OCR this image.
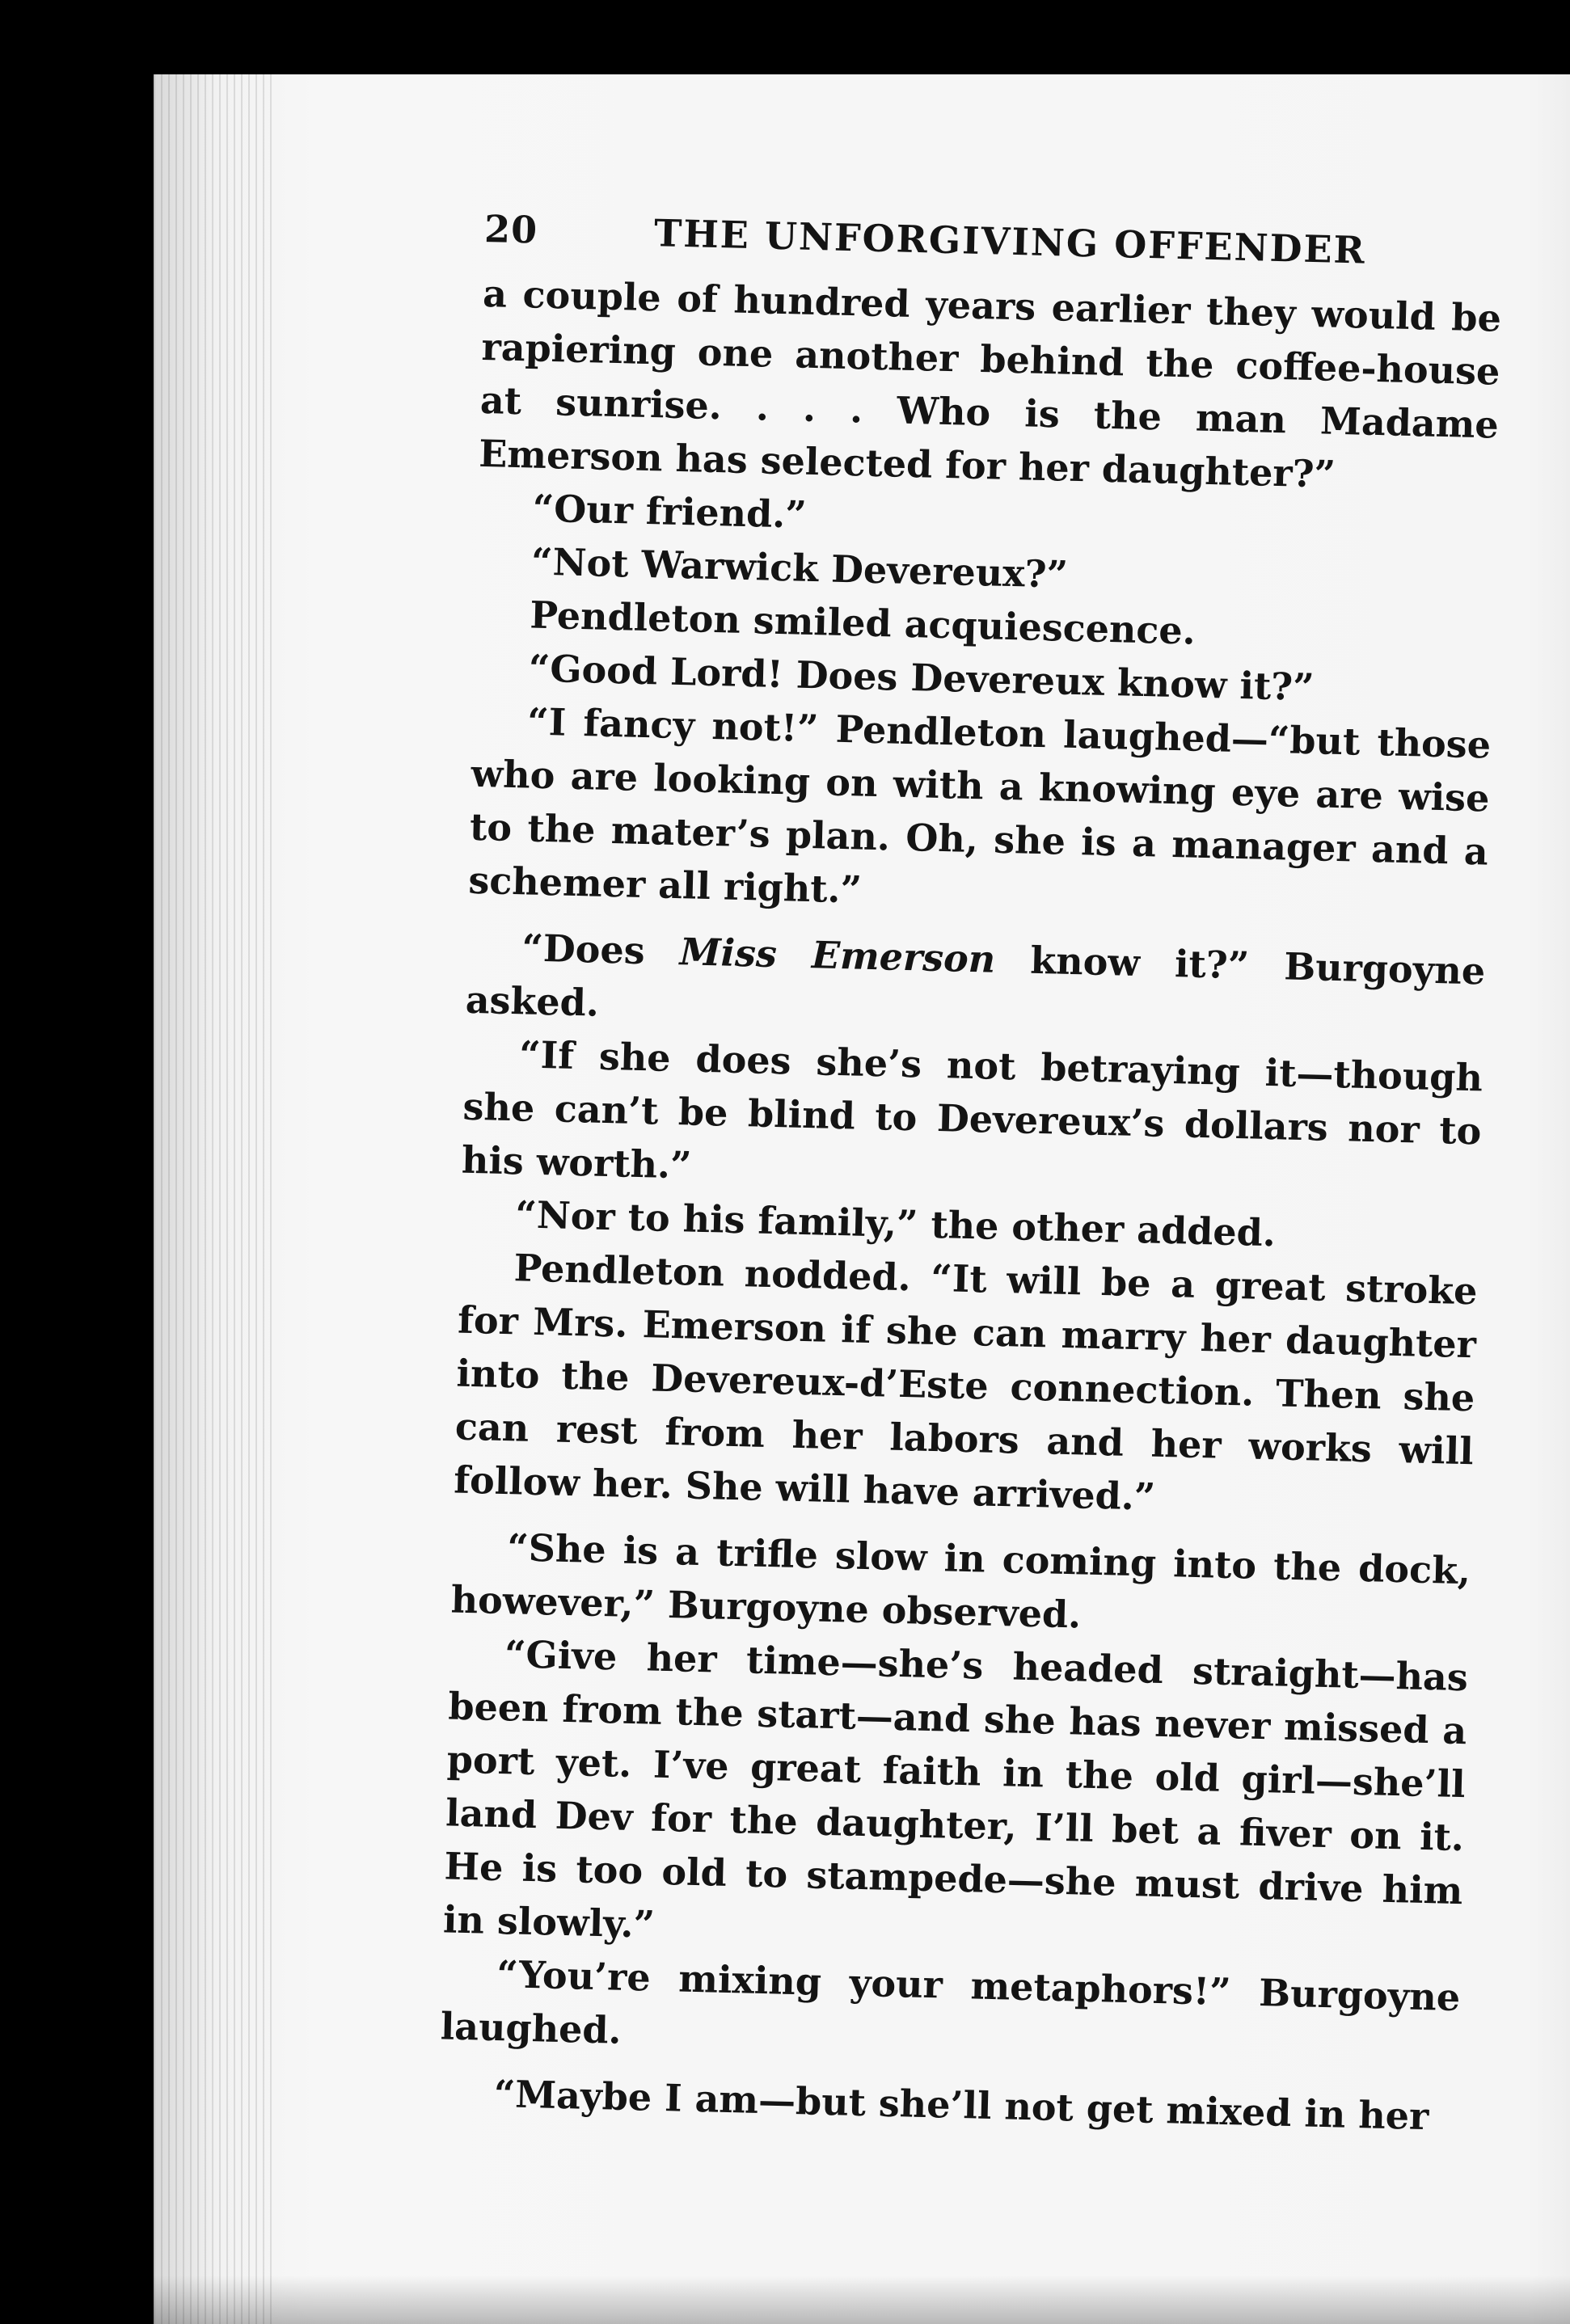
20	THE UNFORGIVING OFFENDER

a couple of hundred years earlier they would be rapiering one another behind the coffee-house at sunrise. . . . Who is the man Madame Emerson has selected for her daughter?”

“Our friend.”

“Not Warwick Devereux?”

Pendleton smiled acquiescence.

“Good Lord! Does Devereux know it?”

“I fancy not!” Pendleton laughed—“but those who are looking on with a knowing eye are wise to the mater’s plan. Oh, she is a manager and a schemer all right.”

“Does Miss Emerson know it?” Burgoyne asked.

“If she does she’s not betraying it—though she can’t be blind to Devereux’s dollars nor to his worth.”

“Nor to his family,” the other added.

Pendleton nodded. “It will be a great stroke for Mrs. Emerson if she can marry her daughter into the Devereux-d’Este connection. Then she can rest from her labors and her works will follow her. She will have arrived.”

“She is a trifle slow in coming into the dock, however,” Burgoyne observed.

“Give her time—she’s headed straight—has been from the start—and she has never missed a port yet. I’ve great faith in the old girl—she’ll land Dev for the daughter, I’ll bet a fiver on it. He is too old to stampede—she must drive him in slowly.”

“You’re mixing your metaphors!” Burgoyne laughed.

“Maybe I am—but she’ll not get mixed in her
